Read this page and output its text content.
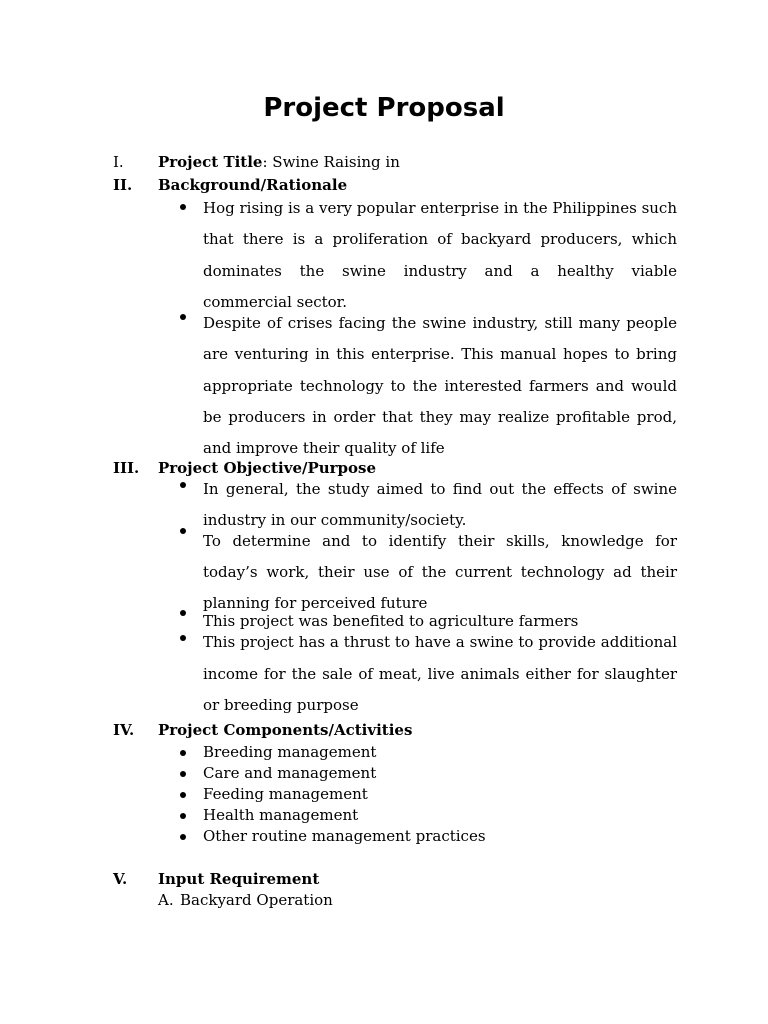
Project Proposal
I. Project Title: Swine Raising in
II. Background/Rationale
Hog rising is a very popular enterprise in the Philippines such that there is a proliferation of backyard producers, which dominates the swine industry and a healthy viable commercial sector.
Despite of crises facing the swine industry, still many people are venturing in this enterprise. This manual hopes to bring appropriate technology to the interested farmers and would be producers in order that they may realize profitable prod, and improve their quality of life
III. Project Objective/Purpose
In general, the study aimed to find out the effects of swine industry in our community/society.
To determine and to identify their skills, knowledge for today’s work, their use of the current technology ad their planning for perceived future
This project was benefited to agriculture farmers
This project has a thrust to have a swine to provide additional income for the sale of meat, live animals either for slaughter or breeding purpose
IV. Project Components/Activities
Breeding management
Care and management
Feeding management
Health management
Other routine management practices
V. Input Requirement
A. Backyard Operation
